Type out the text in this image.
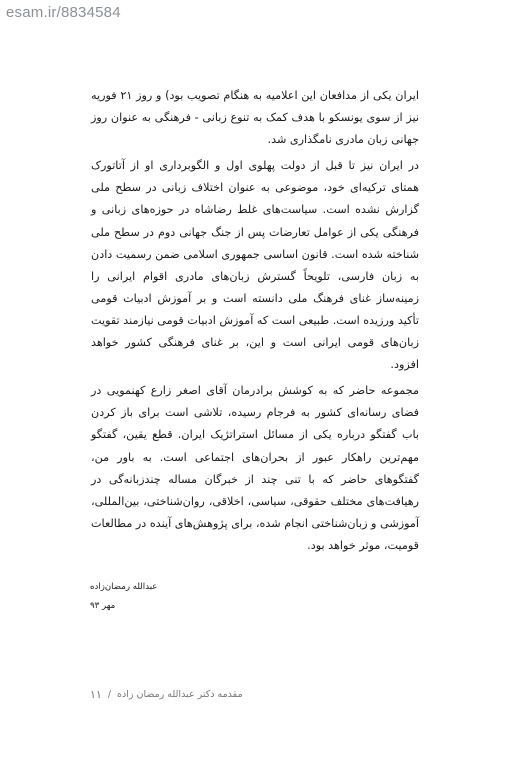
esam.ir/8834584

ایران یکی از مدافعان این اعلامیه به هنگام تصویب بود) و روز ۲۱ فوریه نیز از سوی یونسکو با هدف کمک به تنوع زبانی - فرهنگی به عنوان روز جهانی زبان مادری نامگذاری شد.

در ایران نیز تا قبل از دولت پهلوی اول و الگوبرداری او از آتاتورک همتای ترکیه‌ای خود، موضوعی به عنوان اختلاف زبانی در سطح ملی گزارش نشده است. سیاست‌های غلط رضاشاه در حوزه‌های زبانی و فرهنگی یکی از عوامل تعارضات پس از جنگ جهانی دوم در سطح ملی شناخته شده است. قانون اساسی جمهوری اسلامی ضمن رسمیت دادن به زبان فارسی، تلویحاً گسترش زبان‌های مادری اقوام ایرانی را زمینه‌ساز غنای فرهنگ ملی دانسته است و بر آموزش ادبیات قومی تأکید ورزیده است. طبیعی است که آموزش ادبیات قومی نیازمند تقویت زبان‌های قومی ایرانی است و این، بر غنای فرهنگی کشور خواهد افزود.

مجموعه حاضر که به کوشش برادرمان آقای اصغر زارع کهنمویی در فضای رسانه‌ای کشور به فرجام رسیده، تلاشی است برای باز کردن باب گفتگو درباره یکی از مسائل استراتژیک ایران. قطع یقین، گفتگو مهم‌ترین راهکار عبور از بحران‌های اجتماعی است. به باور من، گفتگوهای حاضر که با تنی چند از خبرگان مساله چندزبانه‌گی در رهیافت‌های مختلف حقوقی، سیاسی، اخلاقی، روان‌شناختی، بین‌المللی، آموزشی و زبان‌شناختی انجام شده، برای پژوهش‌های آینده در مطالعات قومیت، موثر خواهد بود.

عبدالله رمضان‌زاده
مهر ۹۳
مقدمه دکتر عبدالله رمضان زاده
/
۱۱
